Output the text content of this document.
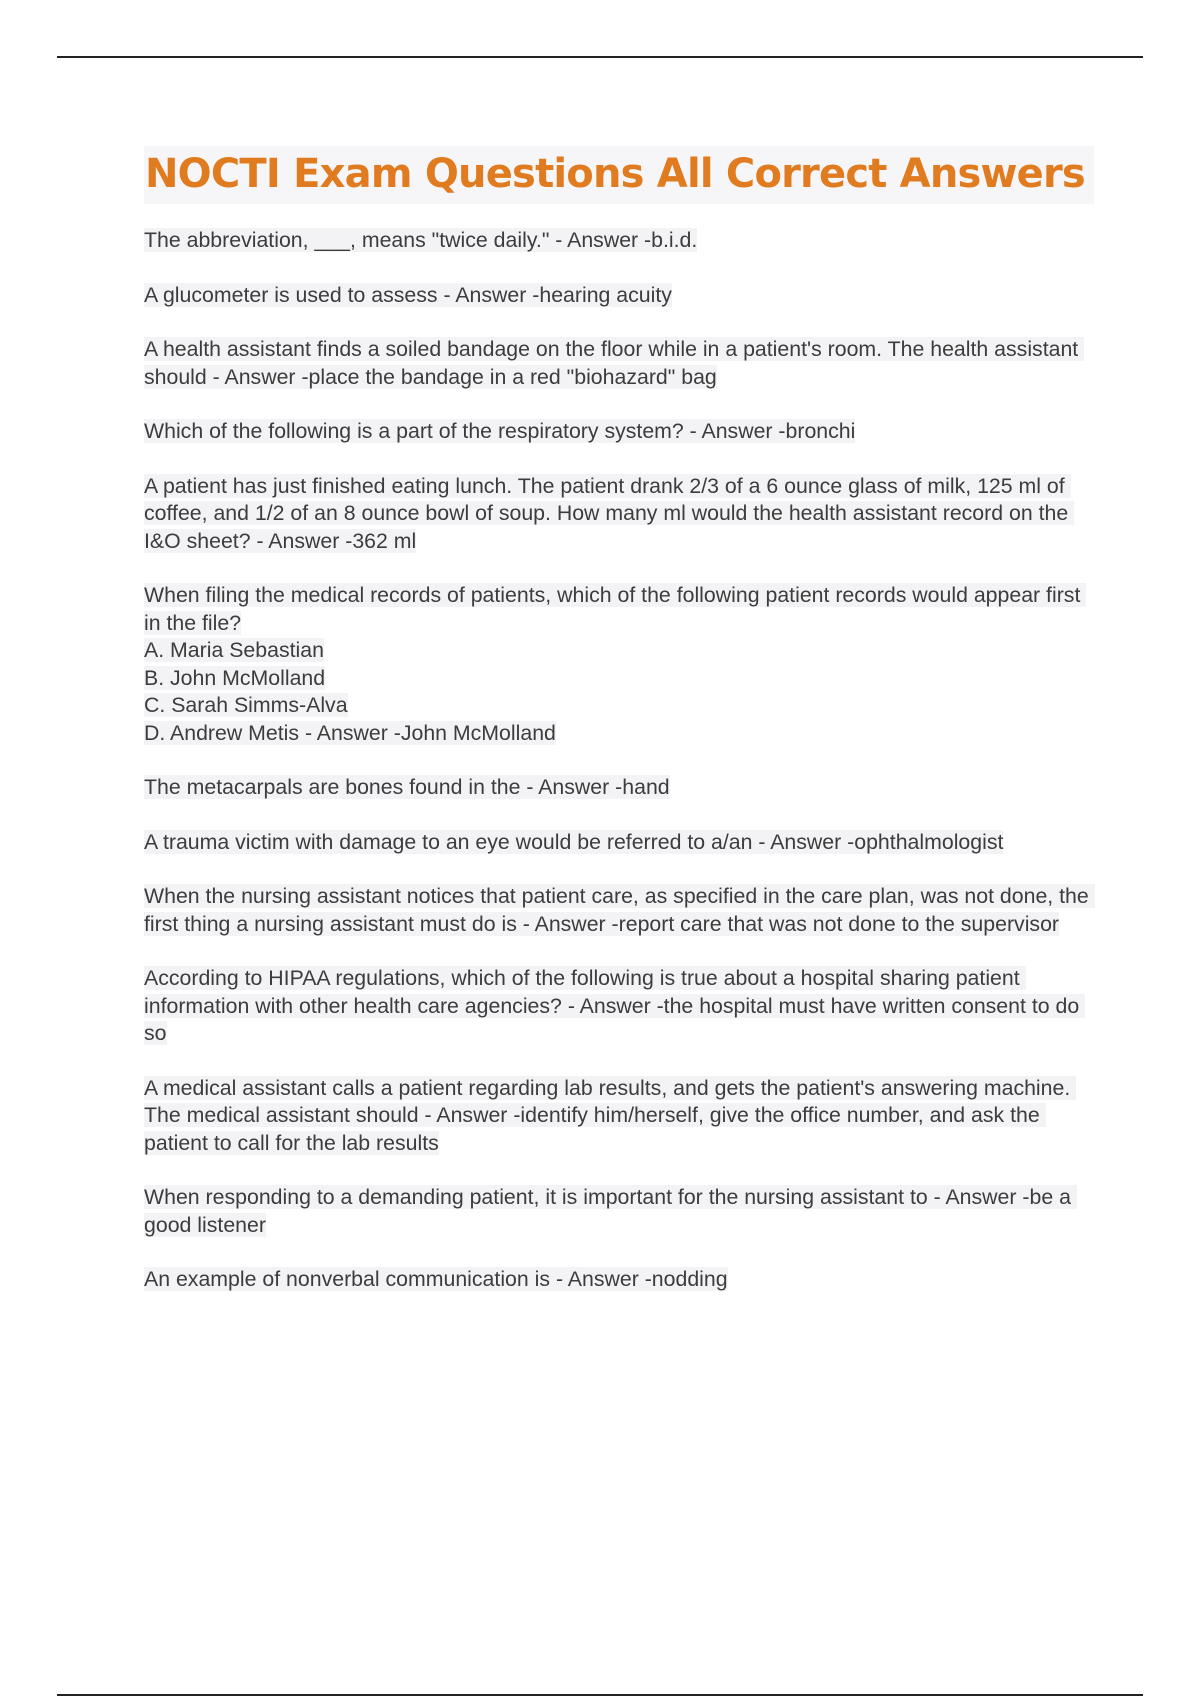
NOCTI Exam Questions All Correct Answers

The abbreviation, ___, means "twice daily." - Answer -b.i.d.

A glucometer is used to assess - Answer -hearing acuity

A health assistant finds a soiled bandage on the floor while in a patient's room. The health assistant should - Answer -place the bandage in a red "biohazard" bag

Which of the following is a part of the respiratory system? - Answer -bronchi

A patient has just finished eating lunch. The patient drank 2/3 of a 6 ounce glass of milk, 125 ml of coffee, and 1/2 of an 8 ounce bowl of soup. How many ml would the health assistant record on the I&O sheet? - Answer -362 ml

When filing the medical records of patients, which of the following patient records would appear first in the file?
A. Maria Sebastian
B. John McMolland
C. Sarah Simms-Alva
D. Andrew Metis - Answer -John McMolland

The metacarpals are bones found in the - Answer -hand

A trauma victim with damage to an eye would be referred to a/an - Answer -ophthalmologist

When the nursing assistant notices that patient care, as specified in the care plan, was not done, the first thing a nursing assistant must do is - Answer -report care that was not done to the supervisor

According to HIPAA regulations, which of the following is true about a hospital sharing patient information with other health care agencies? - Answer -the hospital must have written consent to do so

A medical assistant calls a patient regarding lab results, and gets the patient's answering machine. The medical assistant should - Answer -identify him/herself, give the office number, and ask the patient to call for the lab results

When responding to a demanding patient, it is important for the nursing assistant to - Answer -be a good listener

An example of nonverbal communication is - Answer -nodding
